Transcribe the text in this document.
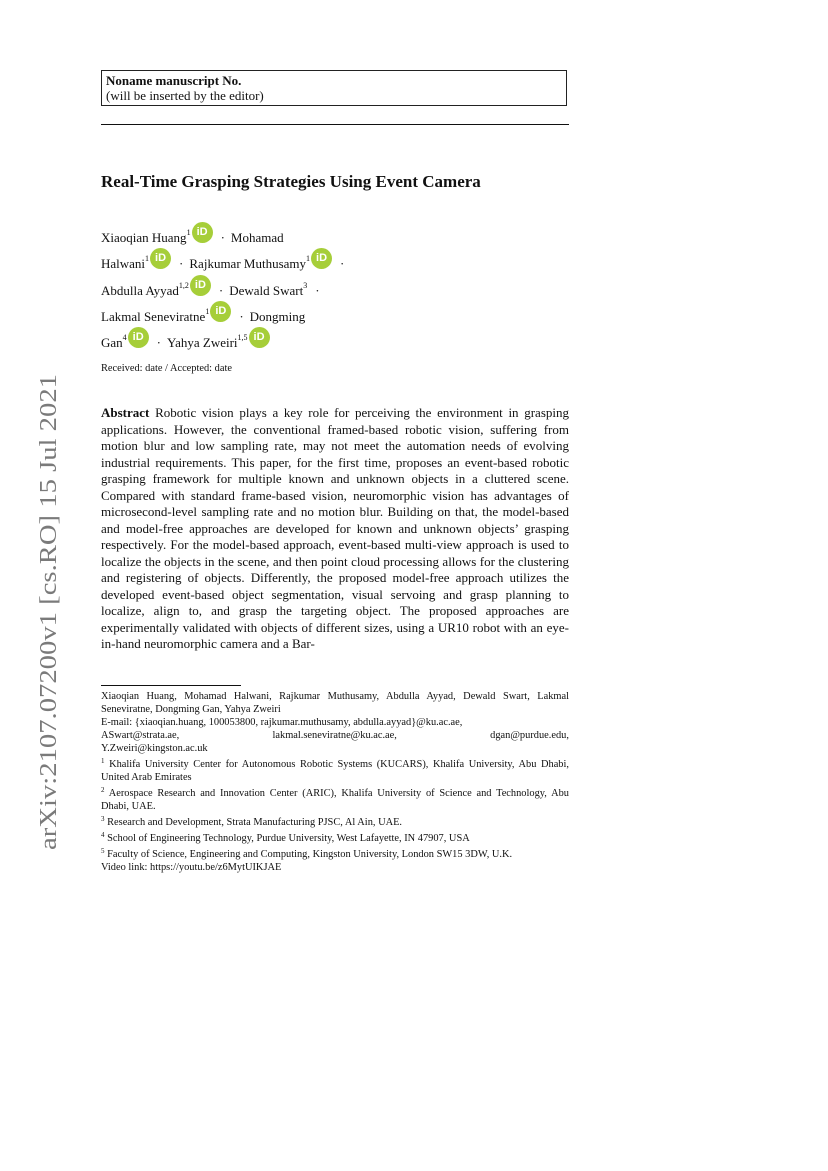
arXiv:2107.07200v1 [cs.RO] 15 Jul 2021
Noname manuscript No.
(will be inserted by the editor)
Real-Time Grasping Strategies Using Event Camera
Xiaoqian Huang$^1$ iD · Mohamad
Halwani$^1$ iD · Rajkumar Muthusamy$^1$ iD ·
Abdulla Ayyad$^{1,2}$ iD · Dewald Swart$^3$ ·
Lakmal Seneviratne$^1$ iD · Dongming
Gan$^4$ iD · Yahya Zweiri$^{1,5}$ iD
Received: date / Accepted: date
Abstract Robotic vision plays a key role for perceiving the environment in grasping applications. However, the conventional framed-based robotic vision, suffering from motion blur and low sampling rate, may not meet the automation needs of evolving industrial requirements. This paper, for the first time, proposes an event-based robotic grasping framework for multiple known and unknown objects in a cluttered scene. Compared with standard frame-based vision, neuromorphic vision has advantages of microsecond-level sampling rate and no motion blur. Building on that, the model-based and model-free approaches are developed for known and unknown objects’ grasping respectively. For the model-based approach, event-based multi-view approach is used to localize the objects in the scene, and then point cloud processing allows for the clustering and registering of objects. Differently, the proposed model-free approach utilizes the developed event-based object segmentation, visual servoing and grasp planning to localize, align to, and grasp the targeting object. The proposed approaches are experimentally validated with objects of different sizes, using a UR10 robot with an eye-in-hand neuromorphic camera and a Bar-

Xiaoqian Huang, Mohamad Halwani, Rajkumar Muthusamy, Abdulla Ayyad, Dewald Swart, Lakmal Seneviratne, Dongming Gan, Yahya Zweiri

E-mail: {xiaoqian.huang, 100053800, rajkumar.muthusamy, abdulla.ayyad}@ku.ac.ae,

ASwart@strata.ae,	lakmal.seneviratne@ku.ac.ae,	dgan@purdue.edu,

Y.Zweiri@kingston.ac.uk

$^1$ Khalifa University Center for Autonomous Robotic Systems (KUCARS), Khalifa University, Abu Dhabi, United Arab Emirates

$^2$ Aerospace Research and Innovation Center (ARIC), Khalifa University of Science and Technology, Abu Dhabi, UAE.

$^3$ Research and Development, Strata Manufacturing PJSC, Al Ain, UAE.

$^4$ School of Engineering Technology, Purdue University, West Lafayette, IN 47907, USA

$^5$ Faculty of Science, Engineering and Computing, Kingston University, London SW15 3DW, U.K.

Video link: https://youtu.be/z6MytUIKJAE
